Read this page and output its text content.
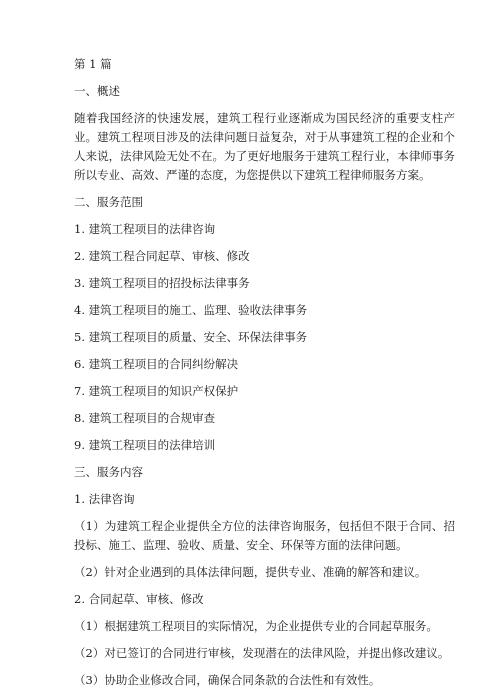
第 1 篇

一、概述

随着我国经济的快速发展，建筑工程行业逐渐成为国民经济的重要支柱产业。建筑工程项目涉及的法律问题日益复杂，对于从事建筑工程的企业和个人来说，法律风险无处不在。为了更好地服务于建筑工程行业，本律师事务所以专业、高效、严谨的态度，为您提供以下建筑工程律师服务方案。

二、服务范围

1. 建筑工程项目的法律咨询

2. 建筑工程合同起草、审核、修改

3. 建筑工程项目的招投标法律事务

4. 建筑工程项目的施工、监理、验收法律事务

5. 建筑工程项目的质量、安全、环保法律事务

6. 建筑工程项目的合同纠纷解决

7. 建筑工程项目的知识产权保护

8. 建筑工程项目的合规审查

9. 建筑工程项目的法律培训

三、服务内容

1. 法律咨询

（1）为建筑工程企业提供全方位的法律咨询服务，包括但不限于合同、招投标、施工、监理、验收、质量、安全、环保等方面的法律问题。

（2）针对企业遇到的具体法律问题，提供专业、准确的解答和建议。

2. 合同起草、审核、修改

（1）根据建筑工程项目的实际情况，为企业提供专业的合同起草服务。

（2）对已签订的合同进行审核，发现潜在的法律风险，并提出修改建议。

（3）协助企业修改合同，确保合同条款的合法性和有效性。
